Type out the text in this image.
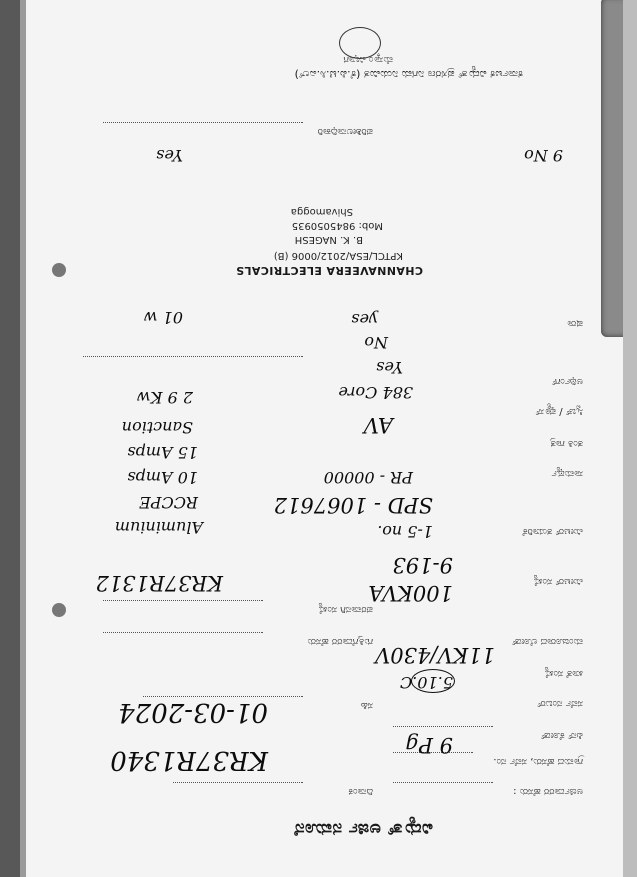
ವಿದ್ಯುತ್ ಅರ್ಜಿ ನಮೂನೆ
ಅರ್ಜಿದಾರರ ಹೆಸರು :
ಗ್ರಾಮದ ಹೆಸರು, ಸರ್ವೆ ನಂ.
ಪಿನ್ ಕೋಡ್
ಸರ್ವೆ ನಂಬರ್
ಖಾತೆ ಸಂಖ್ಯೆ
ಮಂಜೂರಾದ ಲೋಡ್
ಮೀಟರ್ ಸಂಖ್ಯೆ
ಮೀಟರ್ ತಯಾರಿಕೆ
ಸಾಮರ್ಥ್ಯ
ತಂತಿ ಗಾತ್ರ
ಸ್ವಿಚ್ / ಫ್ಯೂಸ್
ಅರ್ಥಿಂಗ್
ಷರಾ
ದಿನಾಂಕ
ಸಹಿ
ಗುತ್ತಿಗೆದಾರರ ಹೆಸರು
ಪರವಾನಗಿ ಸಂಖ್ಯೆ
ಪರಿಶೀಲನಾಧಿಕಾರಿ
KR37R1340
01-03-2024
9 Pg
5.10.C
11KV/430V
100KVA
9-193
KR37R1312
SPD - 1067612
PR - 00000
1-5 no.
Aluminium
RCCPE
10 Amps
15 Amps
Sanction	AV
384 Core
Yes
No
yes
2 9 Kw
01 w
CHANNAVEERA ELECTRICALS
KPTCL/ESA/2012/0006 (B)
B. K. NAGESH
Mob: 9845050935
Shivamogga
ಕರ್ನಾಟಕ ವಿದ್ಯುತ್ ಪ್ರಸರಣ ನಿಗಮ ನಿಯಮಿತ (ಕೆ.ಪಿ.ಟಿ.ಸಿ.ಎಲ್)
ಮೆಸ್ಕಾಂ ವಿಭಾಗ
Yes	9 No
